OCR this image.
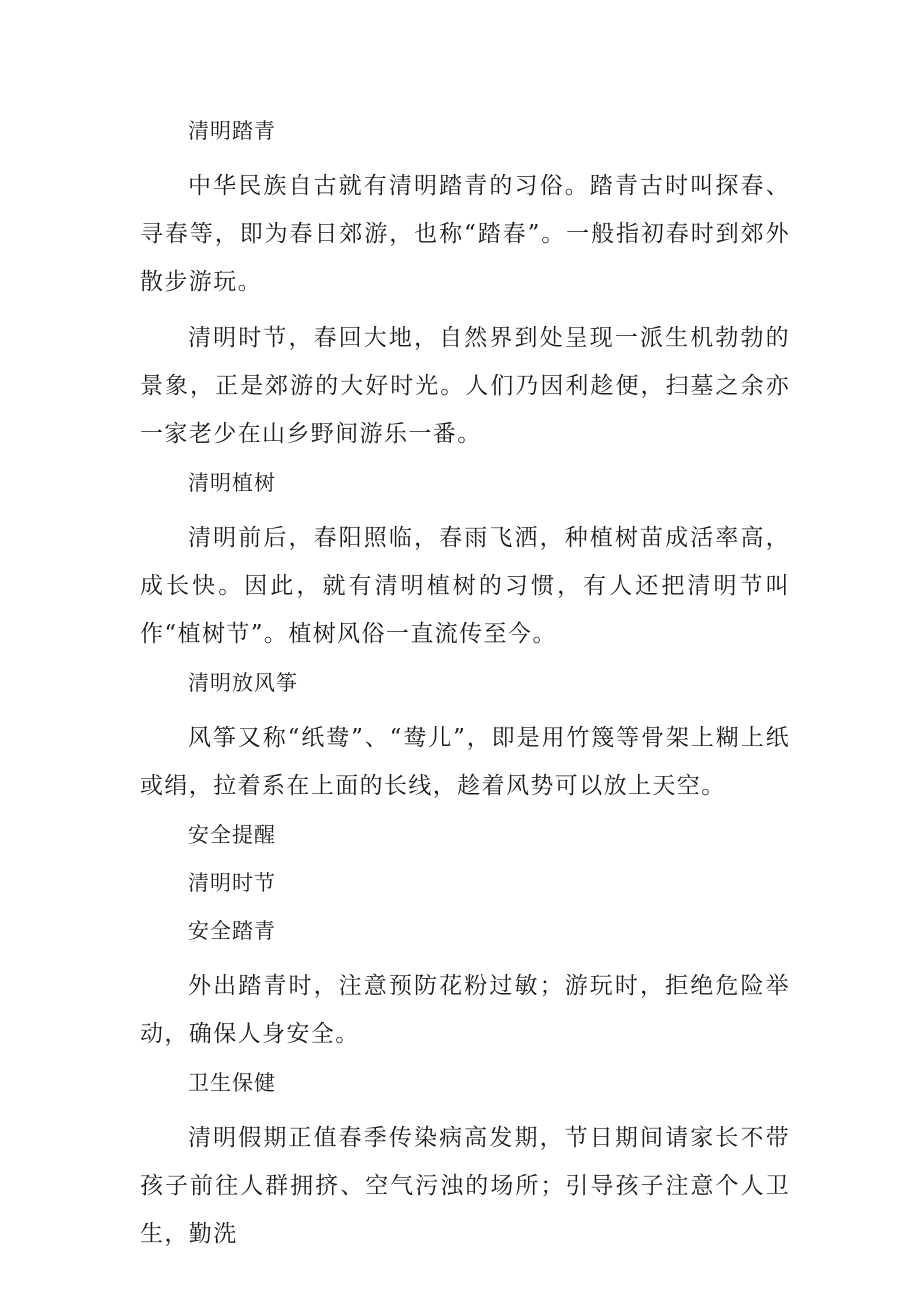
清明踏青
中华民族自古就有清明踏青的习俗。踏青古时叫探春、寻春等，即为春日郊游，也称“踏春”。一般指初春时到郊外散步游玩。
清明时节，春回大地，自然界到处呈现一派生机勃勃的景象，正是郊游的大好时光。人们乃因利趁便，扫墓之余亦一家老少在山乡野间游乐一番。
清明植树
清明前后，春阳照临，春雨飞洒，种植树苗成活率高，成长快。因此，就有清明植树的习惯，有人还把清明节叫作“植树节”。植树风俗一直流传至今。
清明放风筝
风筝又称“纸鸯”、“鸯儿”，即是用竹篾等骨架上糊上纸或绢，拉着系在上面的长线，趁着风势可以放上天空。
安全提醒
清明时节
安全踏青
外出踏青时，注意预防花粉过敏；游玩时，拒绝危险举动，确保人身安全。
卫生保健
清明假期正值春季传染病高发期，节日期间请家长不带孩子前往人群拥挤、空气污浊的场所；引导孩子注意个人卫生，勤洗
